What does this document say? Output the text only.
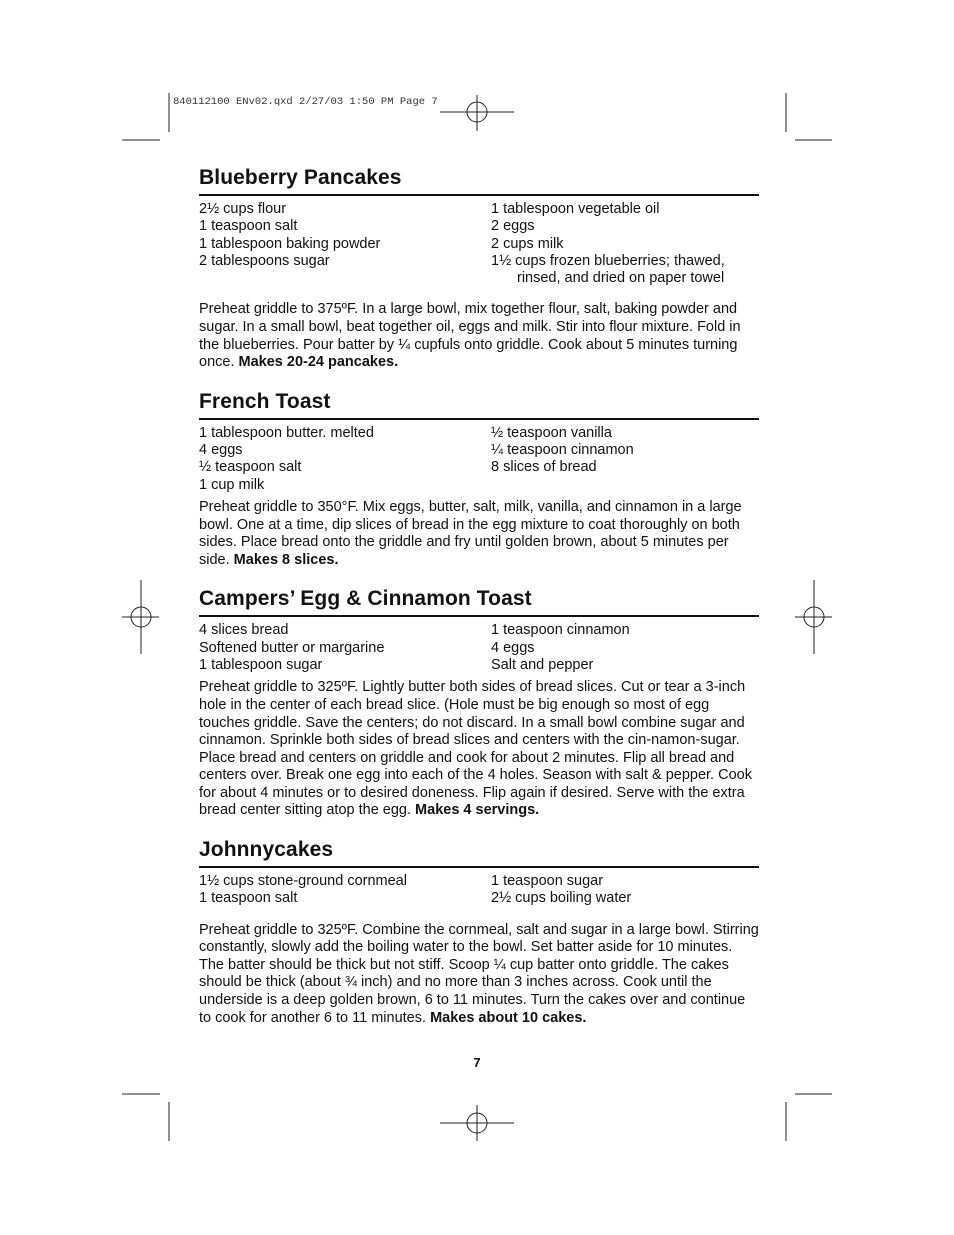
840112100 ENv02.qxd 2/27/03 1:50 PM Page 7
Blueberry Pancakes
2½ cups flour
1 teaspoon salt
1 tablespoon baking powder
2 tablespoons sugar
1 tablespoon vegetable oil
2 eggs
2 cups milk
1½ cups frozen blueberries; thawed, rinsed, and dried on paper towel

Preheat griddle to 375ºF. In a large bowl, mix together flour, salt, baking powder and sugar. In a small bowl, beat together oil, eggs and milk. Stir into flour mixture. Fold in the blueberries. Pour batter by ¼ cupfuls onto griddle. Cook about 5 minutes turning once. Makes 20-24 pancakes.

French Toast
1 tablespoon butter. melted
4 eggs
½ teaspoon salt
1 cup milk
½ teaspoon vanilla
¼ teaspoon cinnamon
8 slices of bread

Preheat griddle to 350°F. Mix eggs, butter, salt, milk, vanilla, and cinnamon in a large bowl. One at a time, dip slices of bread in the egg mixture to coat thoroughly on both sides. Place bread onto the griddle and fry until golden brown, about 5 minutes per side. Makes 8 slices.

Campers’ Egg & Cinnamon Toast
4 slices bread
Softened butter or margarine
1 tablespoon sugar
1 teaspoon cinnamon
4 eggs
Salt and pepper

Preheat griddle to 325ºF. Lightly butter both sides of bread slices. Cut or tear a 3-inch hole in the center of each bread slice. (Hole must be big enough so most of egg touches griddle. Save the centers; do not discard. In a small bowl combine sugar and cinnamon. Sprinkle both sides of bread slices and centers with the cin-namon-sugar. Place bread and centers on griddle and cook for about 2 minutes. Flip all bread and centers over. Break one egg into each of the 4 holes. Season with salt & pepper. Cook for about 4 minutes or to desired doneness. Flip again if desired. Serve with the extra bread center sitting atop the egg. Makes 4 servings.

Johnnycakes
1½ cups stone-ground cornmeal
1 teaspoon salt
1 teaspoon sugar
2½ cups boiling water

Preheat griddle to 325ºF. Combine the cornmeal, salt and sugar in a large bowl. Stirring constantly, slowly add the boiling water to the bowl. Set batter aside for 10 minutes. The batter should be thick but not stiff. Scoop ¼ cup batter onto griddle. The cakes should be thick (about ¾ inch) and no more than 3 inches across. Cook until the underside is a deep golden brown, 6 to 11 minutes. Turn the cakes over and continue to cook for another 6 to 11 minutes. Makes about 10 cakes.

7
